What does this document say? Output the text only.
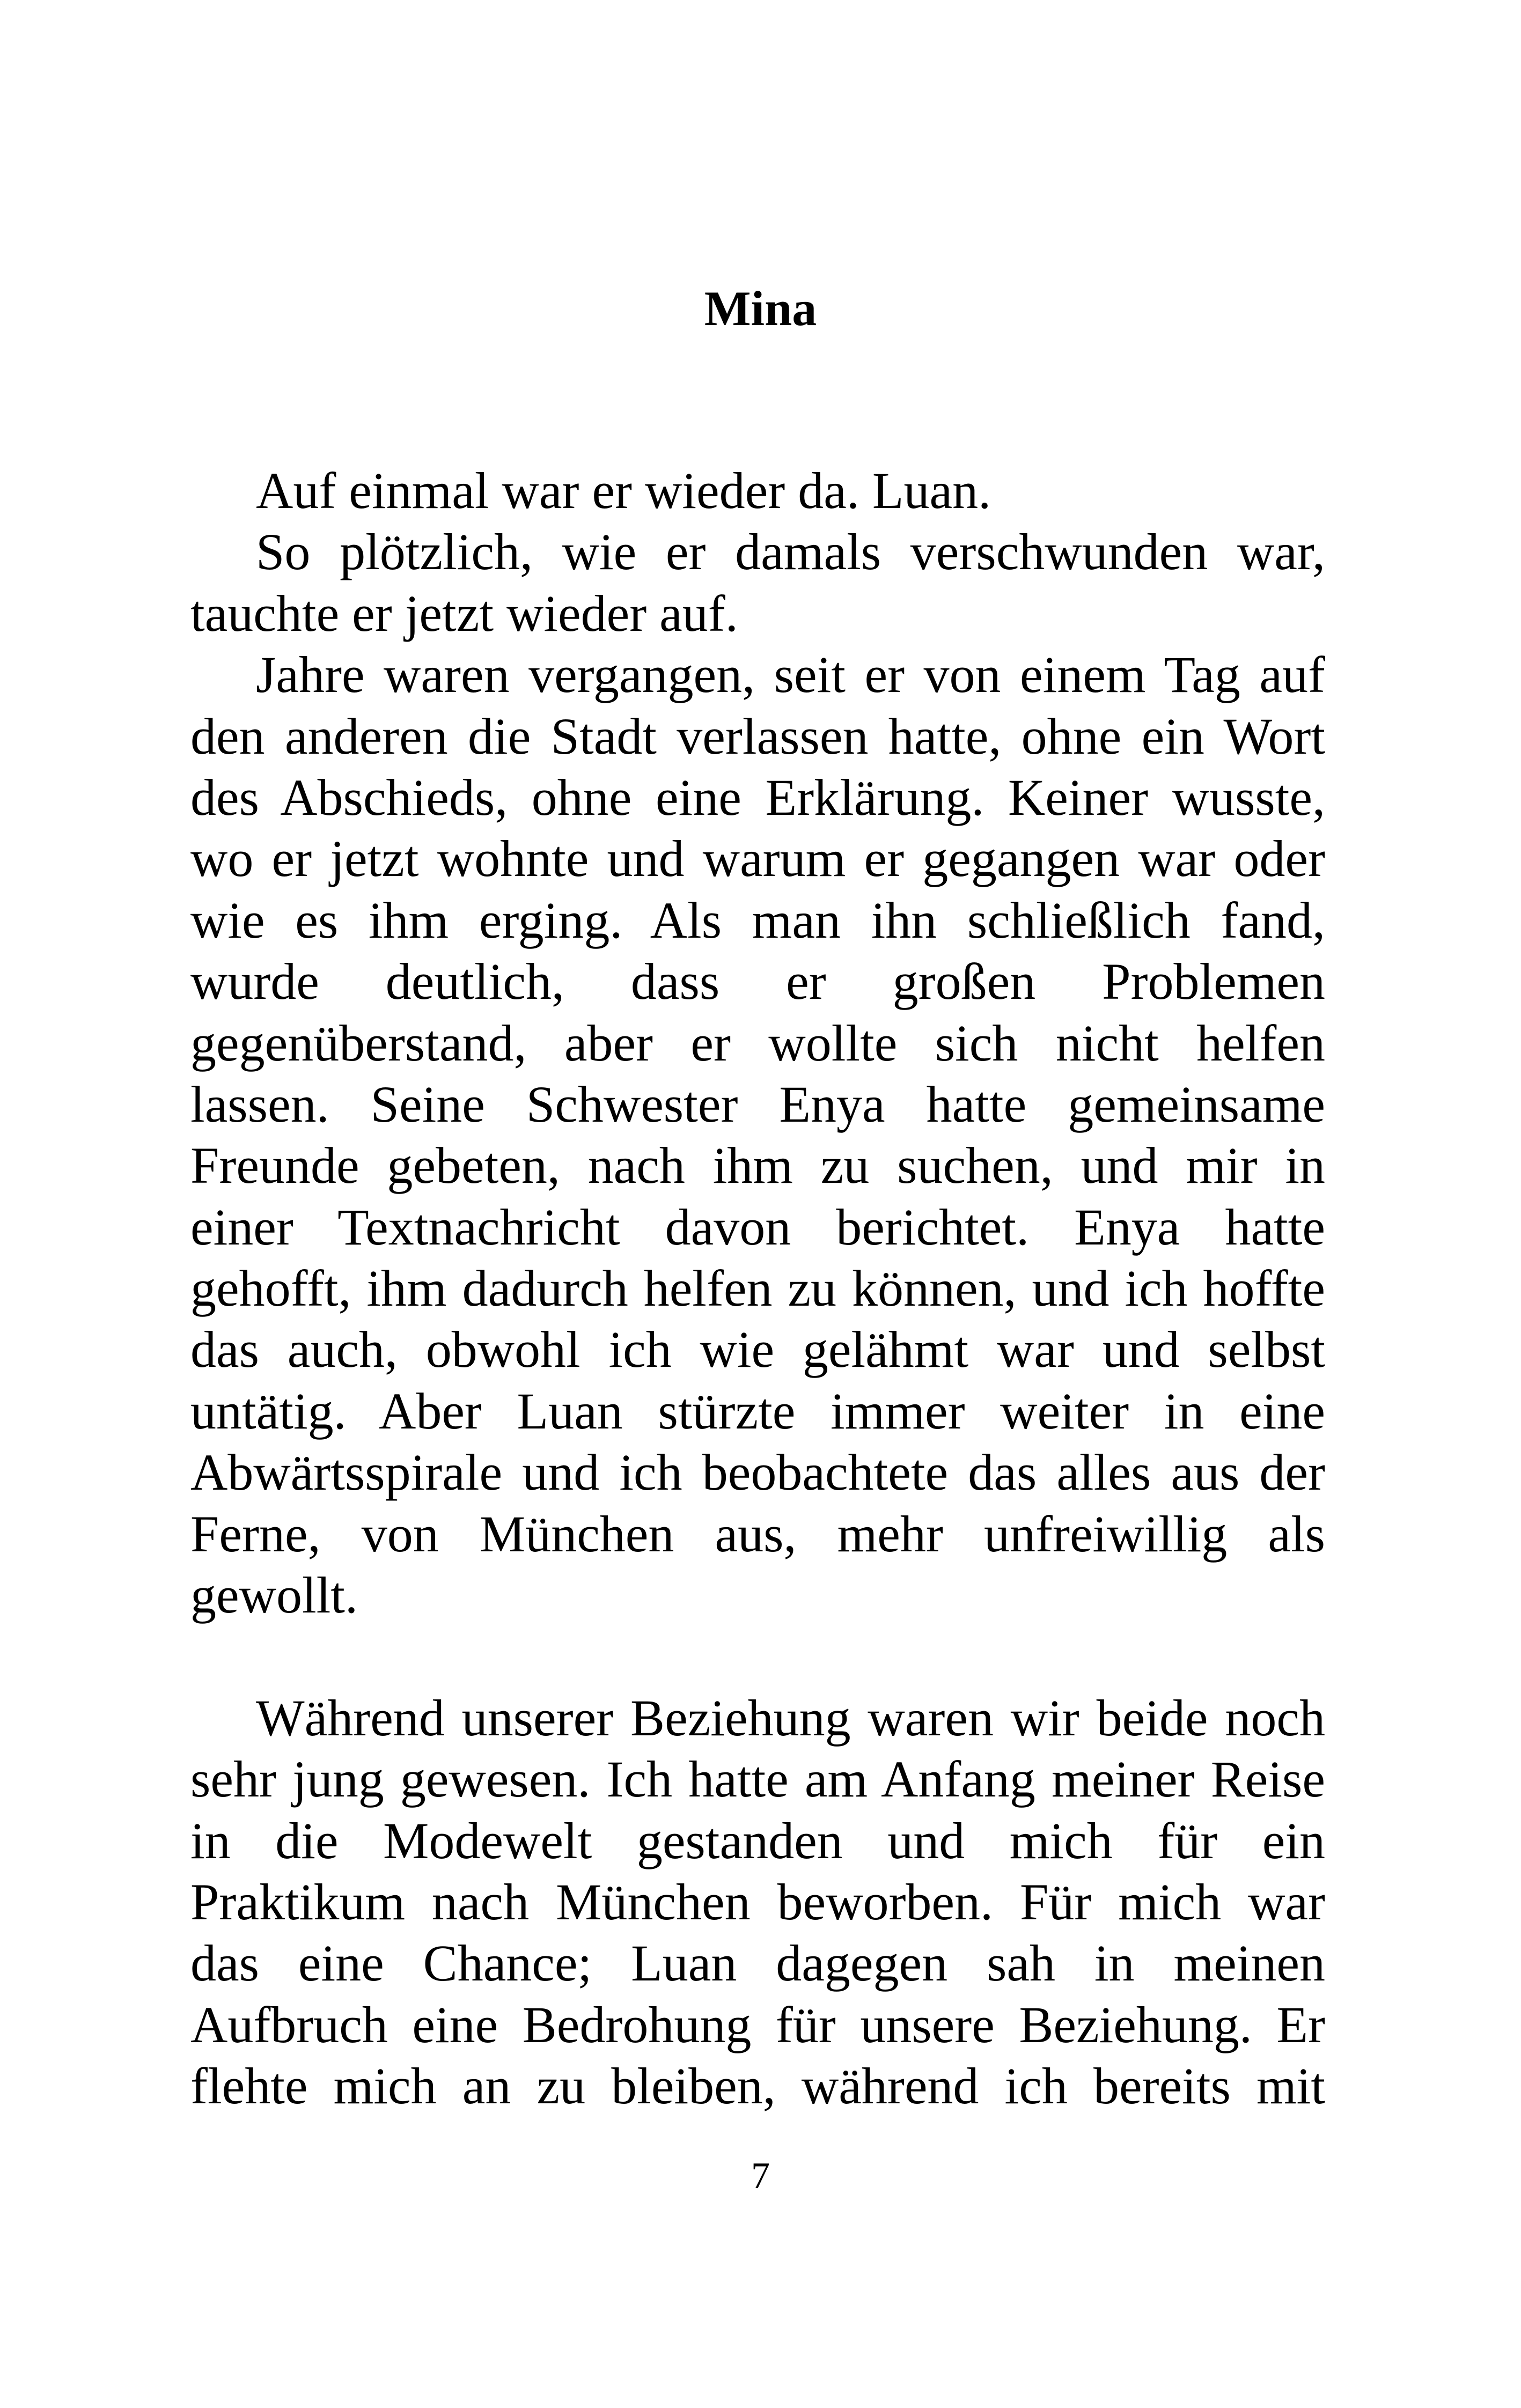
Mina
Auf einmal war er wieder da. Luan.
So plötzlich, wie er damals verschwunden war,
tauchte er jetzt wieder auf.
Jahre waren vergangen, seit er von einem Tag auf
den anderen die Stadt verlassen hatte, ohne ein Wort
des Abschieds, ohne eine Erklärung. Keiner wusste,
wo er jetzt wohnte und warum er gegangen war oder
wie es ihm erging. Als man ihn schließlich fand,
wurde deutlich, dass er großen Problemen
gegenüberstand, aber er wollte sich nicht helfen
lassen. Seine Schwester Enya hatte gemeinsame
Freunde gebeten, nach ihm zu suchen, und mir in
einer Textnachricht davon berichtet. Enya hatte
gehofft, ihm dadurch helfen zu können, und ich hoffte
das auch, obwohl ich wie gelähmt war und selbst
untätig. Aber Luan stürzte immer weiter in eine
Abwärtsspirale und ich beobachtete das alles aus der
Ferne, von München aus, mehr unfreiwillig als
gewollt.
Während unserer Beziehung waren wir beide noch
sehr jung gewesen. Ich hatte am Anfang meiner Reise
in die Modewelt gestanden und mich für ein
Praktikum nach München beworben. Für mich war
das eine Chance; Luan dagegen sah in meinen
Aufbruch eine Bedrohung für unsere Beziehung. Er
flehte mich an zu bleiben, während ich bereits mit
7
